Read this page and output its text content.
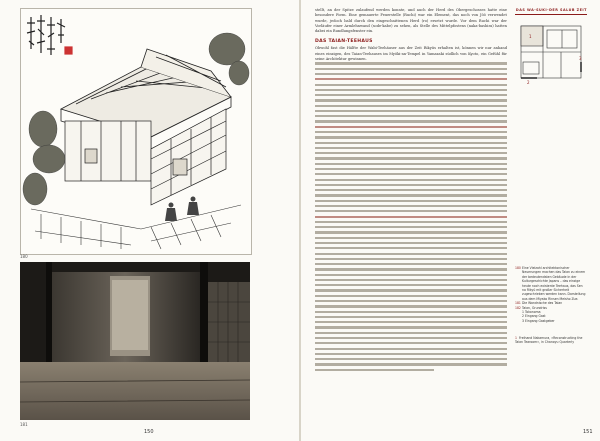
180
181
150

stellt, an der Spitze zulaufend werden konnte, und auch der Herd des Obergeschosses hatte eine besondere Form. Eine gemauerte Feuerstelle (Ruchi) war ein Element, das noch von Jōō verwendet wurde, jedoch bald durch den eingeschnittenen Herd (ro) ersetzt wurde. Vor dem Ruchi war der Vorläufer einer Armlehnwand (sode-kabe) zu sehen, als Stelle des Mittelpfostens (naka-bashira) hatten dabei ein Rundlungsfenster ein.

DAS TAIAN-TEEHAUS

Obwohl fast die Hälfte der Wabi-Teehäuser aus der Zeit Rikyūs erhalten ist, können wir nur anhand eines einzigen, des Taian-Teehauses im Myōki-an-Tempel in Yamazaki südlich von Kyoto, ein Gefühl für seine Architektur gewinnen.

DAS WA-SUKI-DER SALUB ZEIT
1
2
3
180 Eine Vielzahl architektonischer Neuerungen machen das Taian zu einem der bedeutendsten Gebäude in der Kulturgeschichte Japans – das einzige heute noch existente Teehaus, das Sen no Rikyū mit großer Sicherheit zugeschrieben werden kann. Darstellung aus dem Miyako Rinsen Meisho Zue.
181 Die Wandnische des Taian
182 Taian, Grundriss
1 Tokonoma
2 Eingang Gast
3 Eingang Gastgeber
1 Freihand Nakamura, »Reconstructing the Taian Tearoom«, in Chanoyu Quarterly
151
